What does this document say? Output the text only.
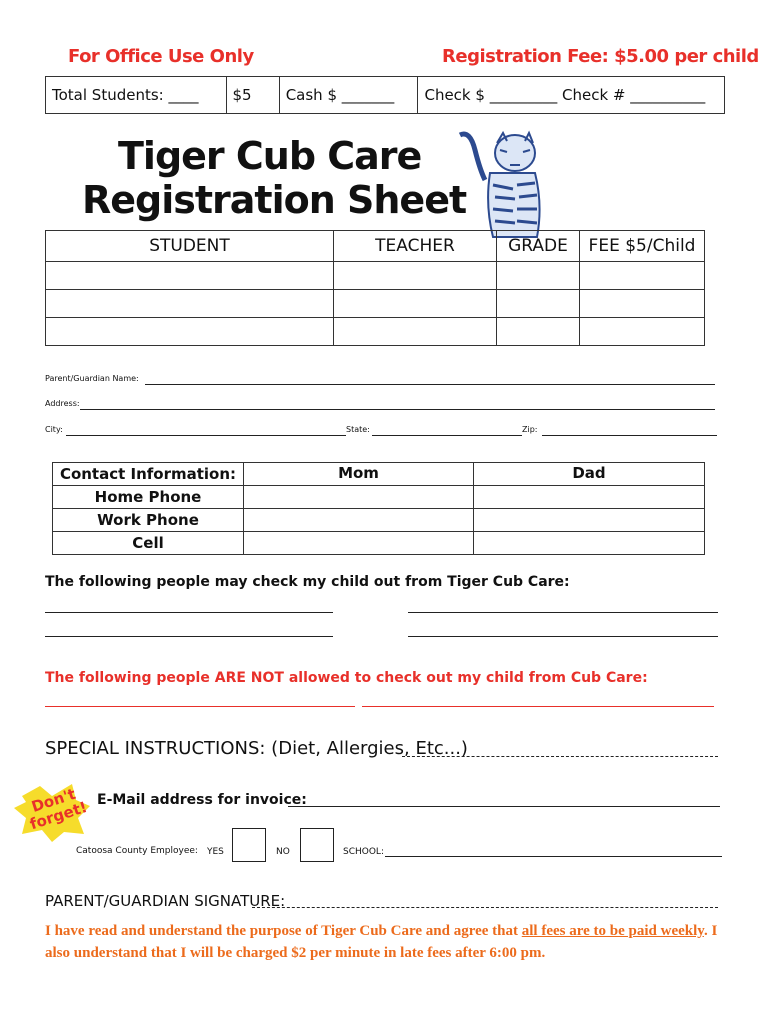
For Office Use Only	Registration Fee: $5.00 per child
Total Students: ____	$5	Cash $ _______	Check $ _________ Check # __________
Tiger Cub Care
Registration Sheet
STUDENT	TEACHER	GRADE	FEE $5/Child

Parent/Guardian Name:
Address:
City:	State:	Zip:
Contact Information:	Mom	Dad
Home Phone		
Work Phone		
Cell		
The following people may check my child out from Tiger Cub Care:
The following people ARE NOT allowed to check out my child from Cub Care:
SPECIAL INSTRUCTIONS: (Diet, Allergies, Etc...)
Don't forget! E-Mail address for invoice:
Catoosa County Employee: YES	NO	SCHOOL:
PARENT/GUARDIAN SIGNATURE:
I have read and understand the purpose of Tiger Cub Care and agree that all fees are to be paid weekly. I also understand that I will be charged $2 per minute in late fees after 6:00 pm.
